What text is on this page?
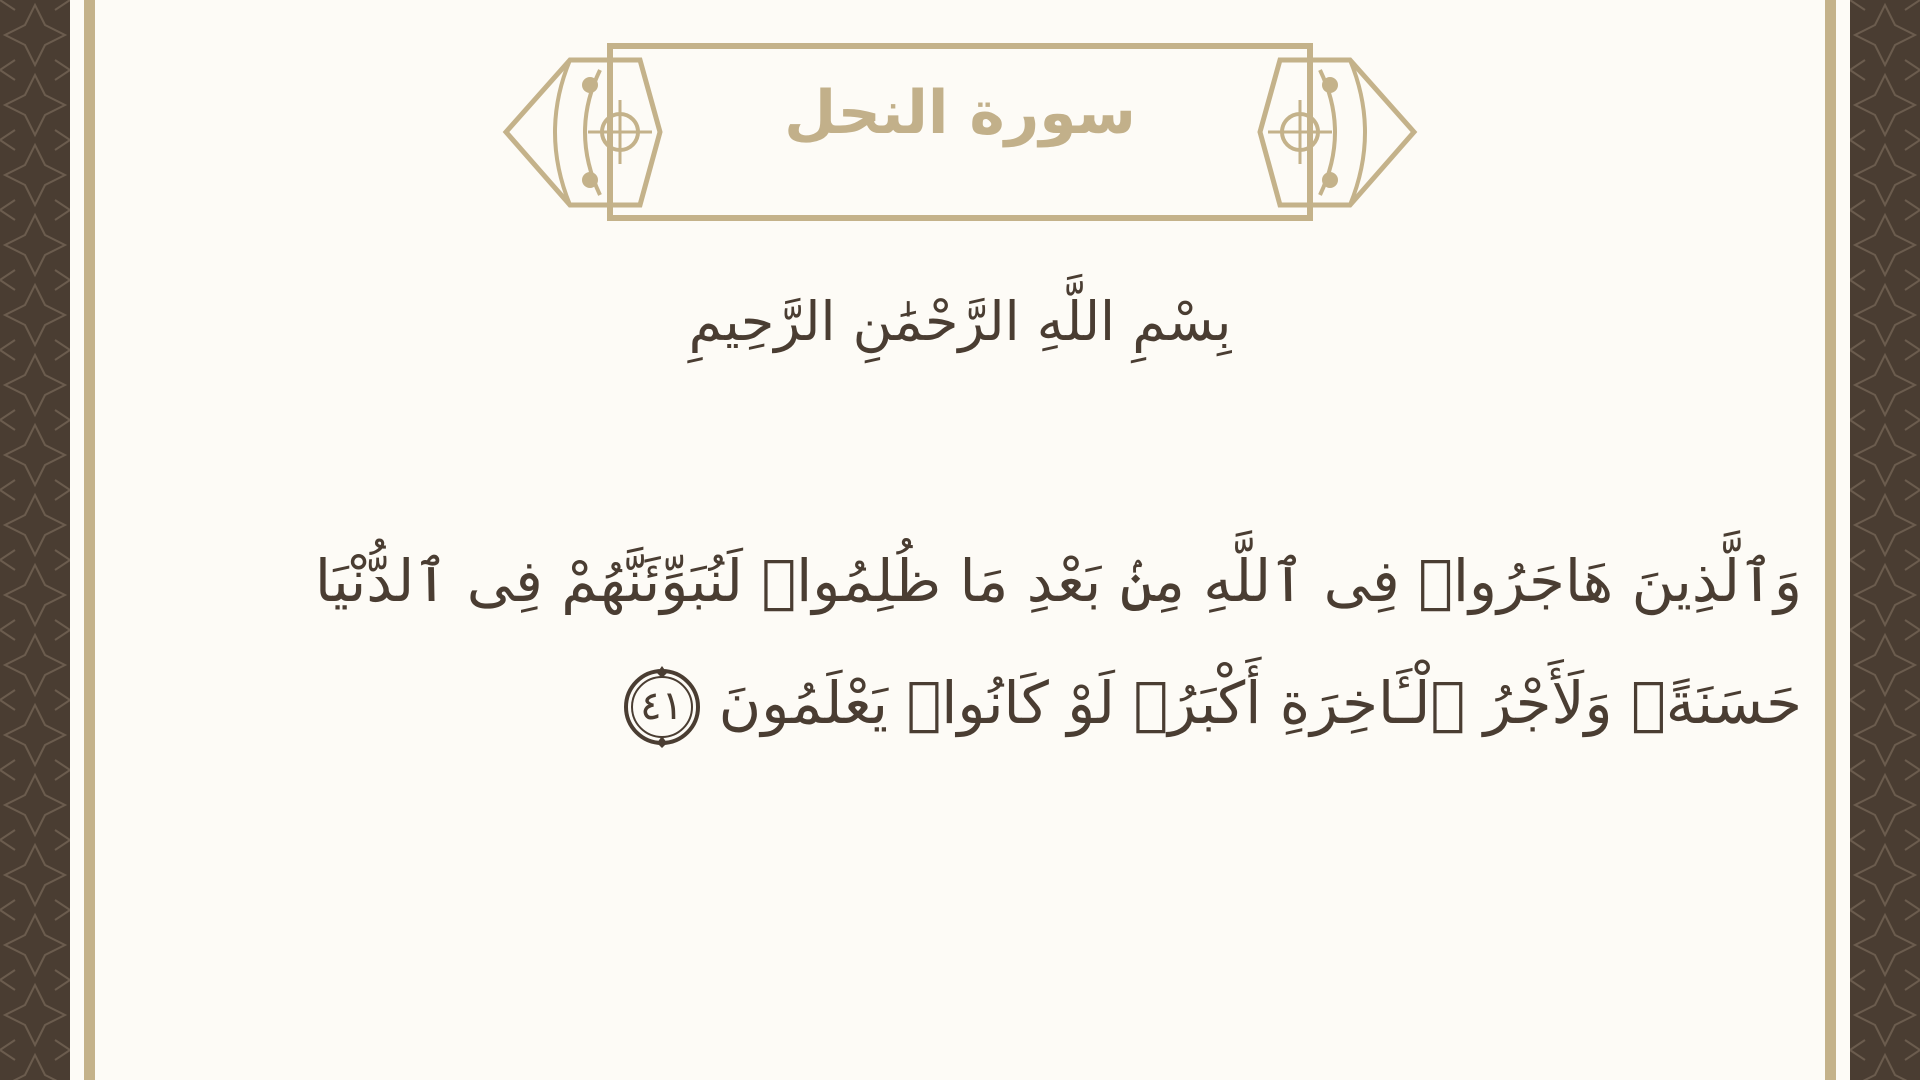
سورة النحل
بِسْمِ اللَّهِ الرَّحْمَٰنِ الرَّحِيمِ
وَٱلَّذِينَ هَاجَرُوا۟ فِى ٱللَّهِ مِنۢ بَعْدِ مَا ظُلِمُوا۟ لَنُبَوِّئَنَّهُمْ فِى ٱلدُّنْيَا
حَسَنَةًۖ وَلَأَجْرُ ٱلْـَٔاخِرَةِ أَكْبَرُۚ لَوْ كَانُوا۟ يَعْلَمُونَ
٤١
